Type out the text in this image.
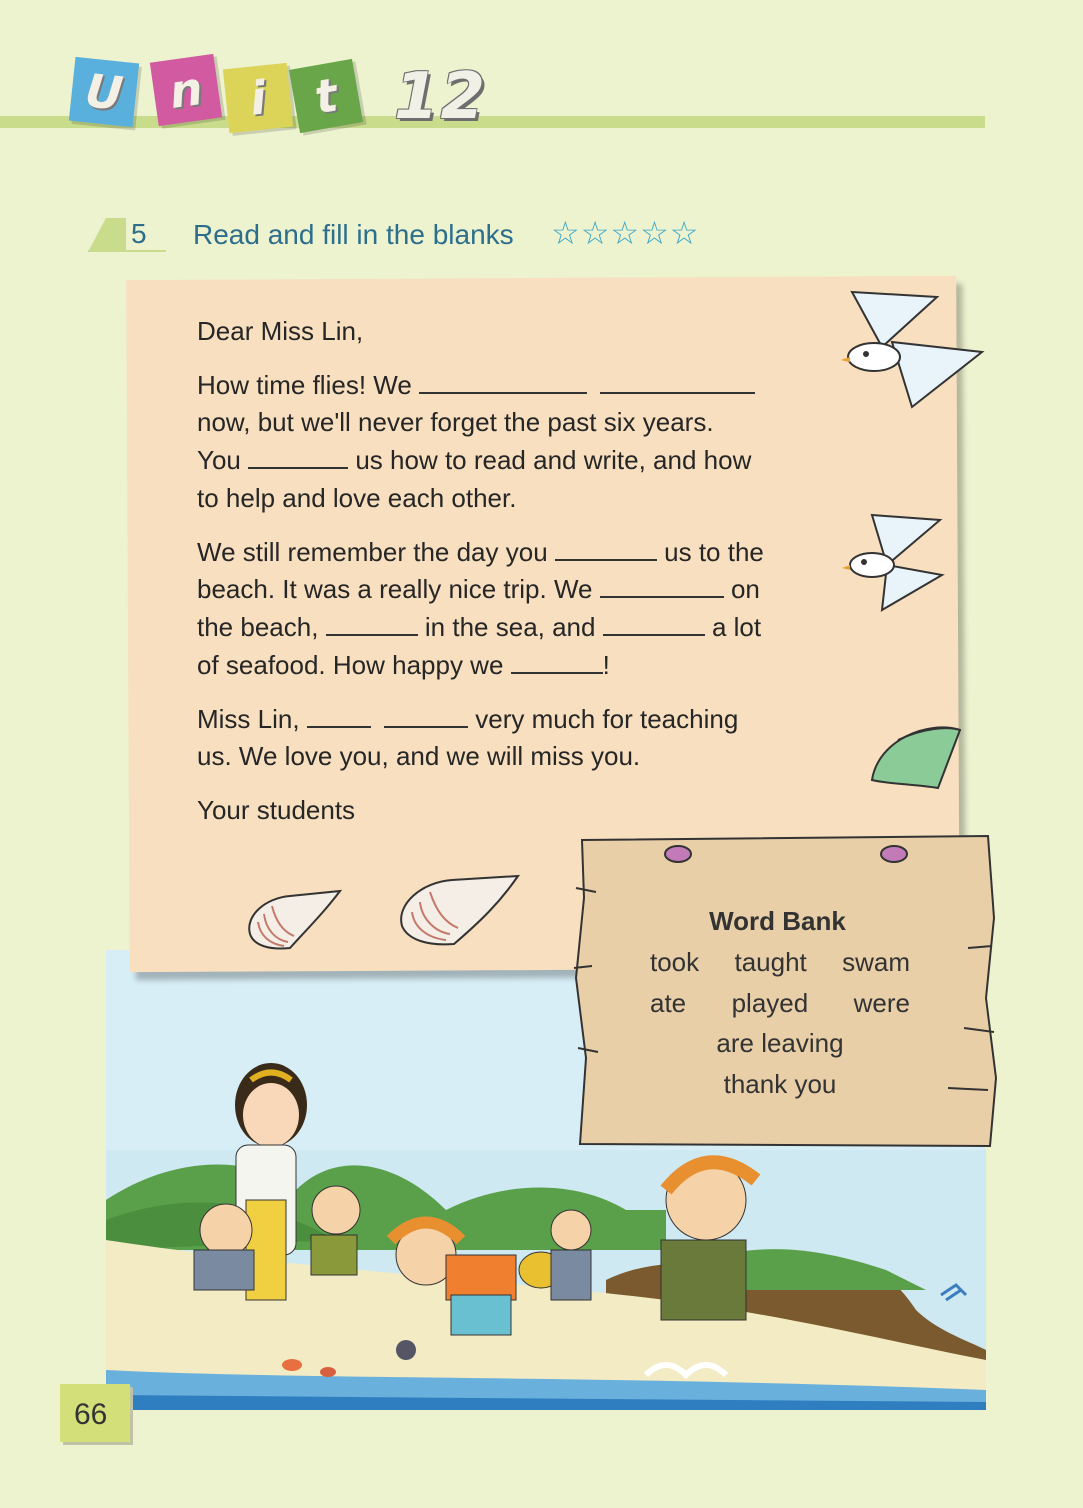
U n i t 12
5 Read and fill in the blanks ☆☆☆☆☆
Dear Miss Lin,
How time flies! We
now, but we'll never forget the past six years.
You	us how to read and write, and how
to help and love each other.
We still remember the day you	us to the
beach. It was a really nice trip. We	on
the beach,	in the sea, and	a lot
of seafood. How happy we	!
Miss Lin,	very much for teaching
us. We love you, and we will miss you.
Your students
Word Bank
took taught swam
ate played were
are leaving
thank you
66
